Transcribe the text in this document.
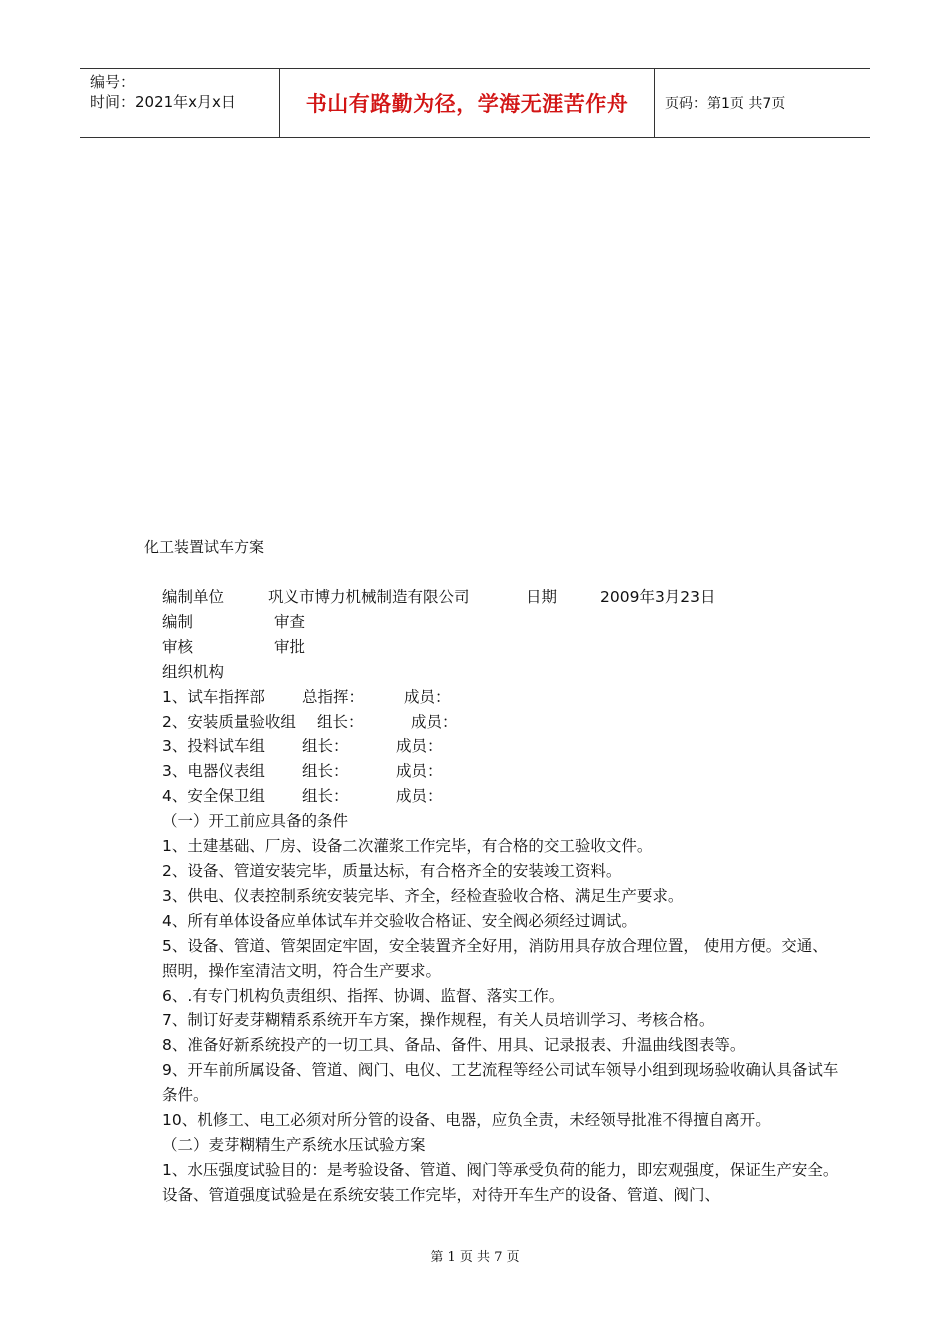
编号：
时间：2021年x月x日	书山有路勤为径，学海无涯苦作舟	页码：第1页 共7页
化工装置试车方案
编制单位	巩义市博力机械制造有限公司	日期	2009年3月23日
编制	审查
审核	审批

组织机构

1、试车指挥部	总指挥：	成员：
2、安装质量验收组	组长：	成员：
3、投料试车组	组长：	成员：
3、电器仪表组	组长：	成员：
4、安全保卫组	组长：	成员：

（一）开工前应具备的条件

1、土建基础、厂房、设备二次灌浆工作完毕，有合格的交工验收文件。

2、设备、管道安装完毕，质量达标，有合格齐全的安装竣工资料。

3、供电、仪表控制系统安装完毕、齐全，经检查验收合格、满足生产要求。

4、所有单体设备应单体试车并交验收合格证、安全阀必须经过调试。

5、设备、管道、管架固定牢固，安全装置齐全好用，消防用具存放合理位置， 使用方便。交通、照明，操作室清洁文明，符合生产要求。

6、.有专门机构负责组织、指挥、协调、监督、落实工作。

7、制订好麦芽糊精系系统开车方案，操作规程，有关人员培训学习、考核合格。

8、准备好新系统投产的一切工具、备品、备件、用具、记录报表、升温曲线图表等。

9、开车前所属设备、管道、阀门、电仪、工艺流程等经公司试车领导小组到现场验收确认具备试车条件。

10、机修工、电工必须对所分管的设备、电器，应负全责，未经领导批准不得擅自离开。

（二）麦芽糊精生产系统水压试验方案

1、水压强度试验目的：是考验设备、管道、阀门等承受负荷的能力，即宏观强度，保证生产安全。设备、管道强度试验是在系统安装工作完毕，对待开车生产的设备、管道、阀门、

第 1 页 共 7 页
